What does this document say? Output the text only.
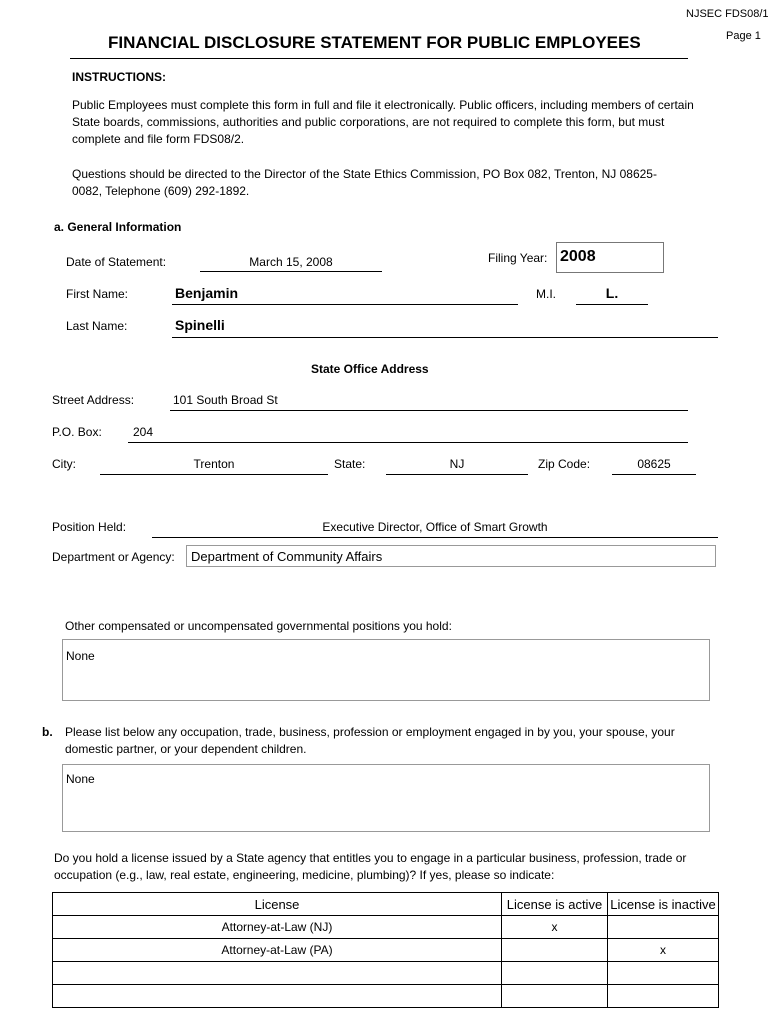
NJSEC FDS08/1
Page 1
FINANCIAL DISCLOSURE STATEMENT FOR PUBLIC EMPLOYEES
INSTRUCTIONS:
Public Employees must complete this form in full and file it electronically. Public officers, including members of certain State boards, commissions, authorities and public corporations, are not required to complete this form, but must complete and file form FDS08/2.
Questions should be directed to the Director of the State Ethics Commission, PO Box 082, Trenton, NJ 08625-0082, Telephone (609) 292-1892.
a. General Information
Date of Statement:	March 15, 2008	Filing Year: 2008
First Name:	Benjamin	M.I.	L.
Last Name:	Spinelli
State Office Address
Street Address:	101 South Broad St
P.O. Box:	204
City:	Trenton	State:	NJ	Zip Code:	08625
Position Held:	Executive Director, Office of Smart Growth
Department or Agency: Department of Community Affairs
Other compensated or uncompensated governmental positions you hold:
None
b. Please list below any occupation, trade, business, profession or employment engaged in by you, your spouse, your domestic partner, or your dependent children.
None
Do you hold a license issued by a State agency that entitles you to engage in a particular business, profession, trade or occupation (e.g., law, real estate, engineering, medicine, plumbing)? If yes, please so indicate:
License	License is active	License is inactive
Attorney-at-Law (NJ)	x	
Attorney-at-Law (PA)		x
